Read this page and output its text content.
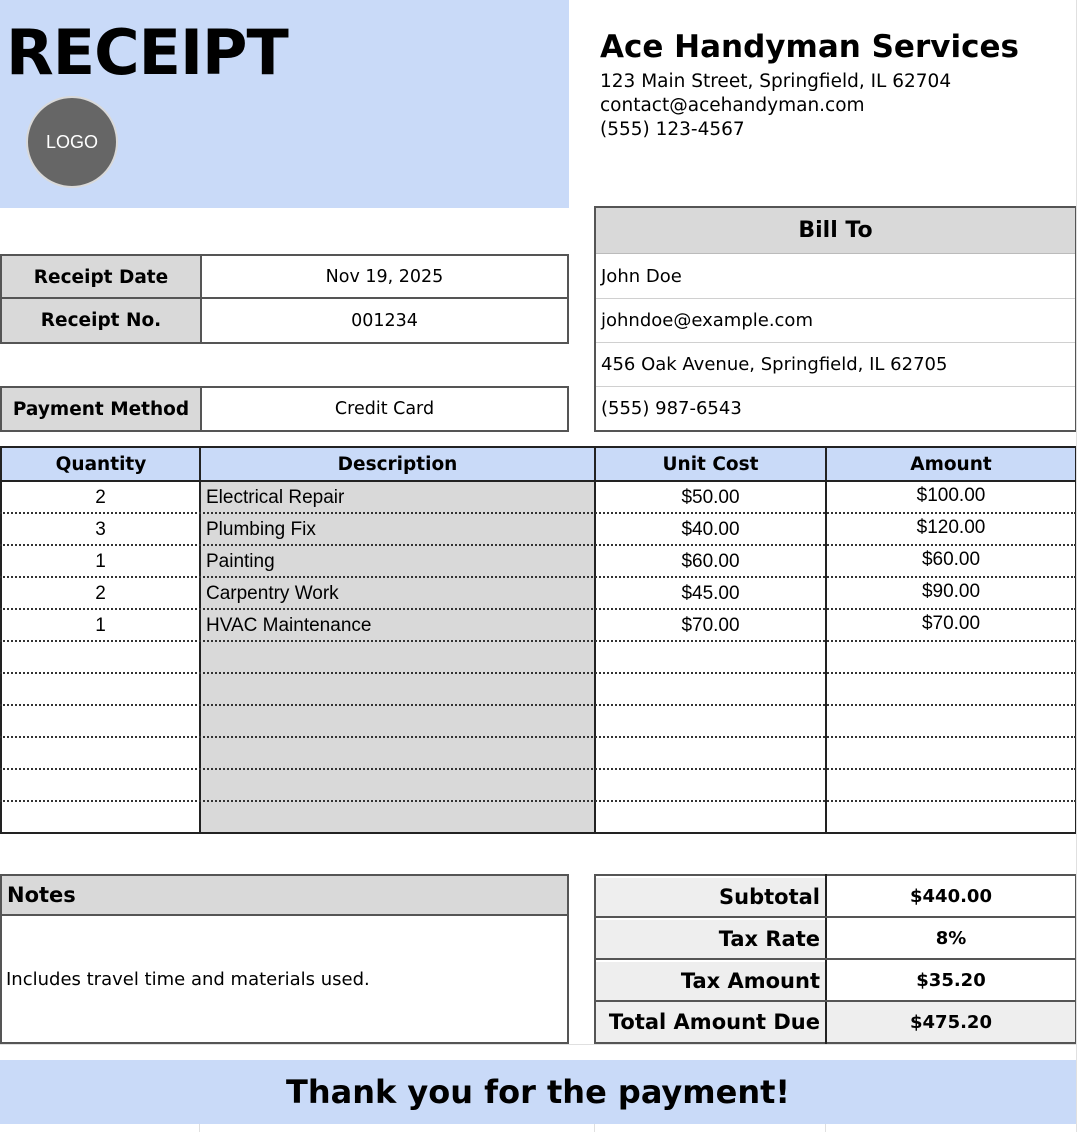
RECEIPT
LOGO
Ace Handyman Services
123 Main Street, Springfield, IL 62704
contact@acehandyman.com
(555) 123-4567
Receipt Date	Nov 19, 2025
Receipt No.	001234
Payment Method	Credit Card
Bill To
John Doe
johndoe@example.com
456 Oak Avenue, Springfield, IL 62705
(555) 987-6543
Quantity	Description	Unit Cost	Amount
2	Electrical Repair	$50.00	$100.00
3	Plumbing Fix	$40.00	$120.00
1	Painting	$60.00	$60.00
2	Carpentry Work	$45.00	$90.00
1	HVAC Maintenance	$70.00	$70.00
Notes
Includes travel time and materials used.
Subtotal	$440.00
Tax Rate	8%
Tax Amount	$35.20
Total Amount Due	$475.20
Thank you for the payment!
